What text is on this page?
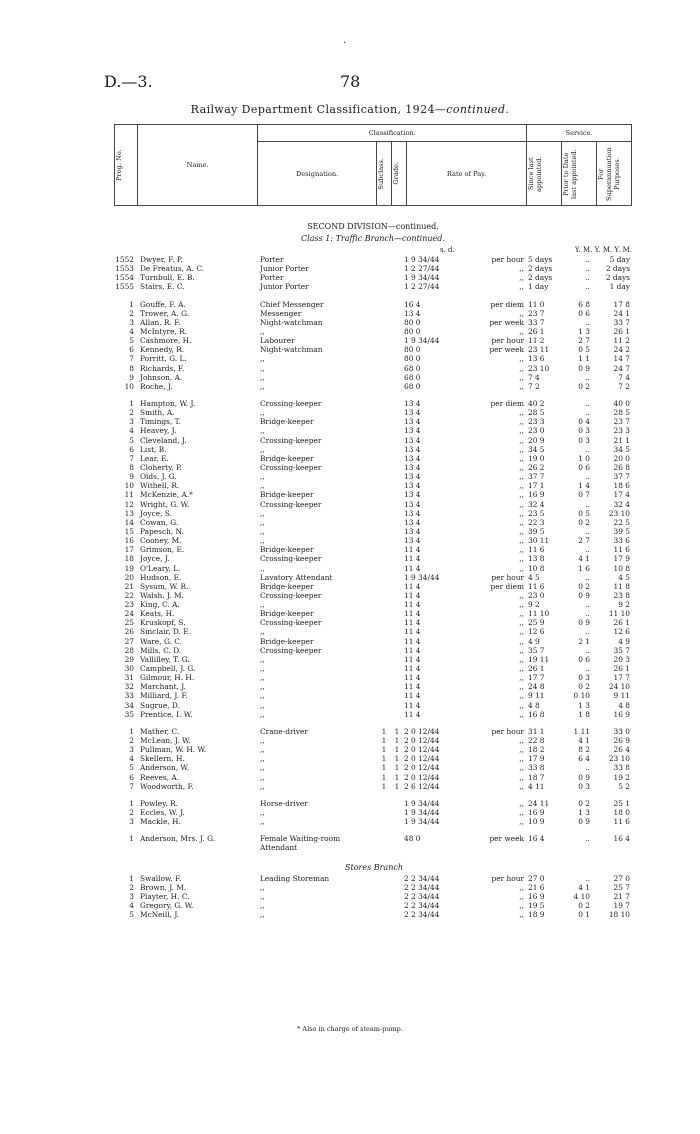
·
D.—3.	78
Railway Department Classification, 1924—continued.
Prog. No.	Name.	Classification.				Service.		
		Designation.	Subclass.	Grade.	Rate of Pay.	Since last appointed.	Prior to Date last appointed.	For Superannuation Purposes.
SECOND DIVISION—continued.
Class 1: Traffic Branch—continued.
s. d.	Y. M. Y. M. Y. M.
1552 Dwyer, F. P.	Porter	1 9 34/44	per hour 5 days	..	5 day
1553 De Freatus, A. C.	Junior Porter	1 2 27/44	,, 2 days	..	2 days
1554 Turnbull, E. B.	Porter	1 9 34/44	,, 2 days	..	2 days
1555 Stairs, E. C.	Junior Porter	1 2 27/44	,, 1 day	..	1 day
1 Gouffe, F. A.	Chief Messenger	16 4	per diem 11 0	6 8	17 8
2 Trower, A. G.	Messenger	13 4	,, 23 7	0 6	24 1
3 Allan, R. F.	Night-watchman	80 0	per week 33 7	..	33 7
4 McIntyre, R.	,,	80 0	,, 26 1	1 3	26 1
5 Cashmore, H.	Labourer	1 9 34/44	per hour 11 2	2 7	11 2
6 Kennedy, R.	Night-watchman	80 0	per week 23 11	0 5	24 2
7 Porritt, G. L.	,,	80 0	,, 13 6	1 1	14 7
8 Richards, F.	,,	68 0	,, 23 10	0 9	24 7
9 Johnson, A.	,,	68 0	,, 7 4	..	7 4
10 Roche, J.	,,	68 0	,, 7 2	0 2	7 2
1 Hampton, W. J.	Crossing-keeper	13 4	per diem 40 2	..	40 0
2 Smith, A.	,,	13 4	,, 28 5	..	28 5
3 Timings, T.	Bridge-keeper	13 4	,, 23 3	0 4	23 7
4 Heavey, J.	,,	13 4	,, 23 0	0 3	23 3
5 Cleveland, J.	Crossing-keeper	13 4	,, 20 9	0 3	21 1
6 List, B.	,,	13 4	,, 34 5	..	34 5
7 Lear, E.	Bridge-keeper	13 4	,, 19 0	1 0	20 0
8 Cloherty, P.	Crossing-keeper	13 4	,, 26 2	0 6	26 8
9 Olds, J. G.	,,	13 4	,, 37 7	..	37 7
10 Withell, R.	,,	13 4	,, 17 1	1 4	18 6
11 McKenzie, A.*	Bridge-keeper	13 4	,, 16 9	0 7	17 4
12 Wright, G. W.	Crossing-keeper	13 4	,, 32 4	..	32 4
13 Joyce, S.	,,	13 4	,, 23 5	0 5	23 10
14 Cowan, G.	,,	13 4	,, 22 3	0 2	22 5
15 Papesch, N.	,,	13 4	,, 39 5	..	39 5
16 Cooney, M.	,,	13 4	,, 30 11	2 7	33 6
17 Grimson, E.	Bridge-keeper	11 4	,, 11 6	..	11 6
18 Joyce, J.	Crossing-keeper	11 4	,, 13 8	4 1	17 9
19 O'Leary, L.	,,	11 4	,, 10 8	1 6	10 8
20 Hudson, E.	Lavatory Attendant	1 9 34/44	per hour 4 5	..	4 5
21 Sysum, W. R.	Bridge-keeper	11 4	per diem 11 6	0 2	11 8
22 Walsh, J. M.	Crossing-keeper	11 4	,, 23 0	0 9	23 8
23 King, C. A.	,,	11 4	,, 9 2	..	9 2
24 Keats, H.	Bridge-keeper	11 4	,, 11 10	..	11 10
25 Kruskopf, S.	Crossing-keeper	11 4	,, 25 9	0 9	26 1
26 Sinclair, D. E.	,,	11 4	,, 12 6	..	12 6
27 Ware, G. C.	Bridge-keeper	11 4	,, 4 9	2 1	4 9
28 Mills, C. D.	Crossing-keeper	11 4	,, 35 7	..	35 7
29 Vallilley, T. G.	,,	11 4	,, 19 11	0 6	20 3
30 Campbell, J. G.	,,	11 4	,, 26 1	..	26 1
31 Gilmour, H. H.	,,	11 4	,, 17 7	0 3	17 7
32 Marchant, J.	,,	11 4	,, 24 8	0 2	24 10
33 Milliard, J. F.	,,	11 4	,, 9 11	0 10	9 11
34 Sugrue, D.	,,	11 4	,, 4 8	1 3	4 8
35 Prentice, I. W.	,,	11 4	,, 16 8	1 8	16 9
1 Mather, C.	Crane-driver	1	1 2 0 12/44	per hour 31 1	1 11	33 0
2 McLean, J. W.	,,	1	1 2 0 12/44	,, 22 8	4 1	26 9
3 Pullman, W. H. W.	,,	1	1 2 0 12/44	,, 18 2	8 2	26 4
4 Skellern, H.	,,	1	1 2 0 12/44	,, 17 9	6 4	23 10
5 Anderson, W.	,,	1	1 2 0 12/44	,, 33 8	..	33 8
6 Reeves, A.	,,	1	1 2 0 12/44	,, 18 7	0 9	19 2
7 Woodworth, F.	,,	1	1 2 6 12/44	,, 4 11	0 3	5 2
1 Powley, R.	Horse-driver	1 9 34/44	,, 24 11	0 2	25 1
2 Eccles, W. J.	,,	1 9 34/44	,, 16 9	1 3	18 0
3 Mackle, H.	,,	1 9 34/44	,, 10 9	0 9	11 6
1 Anderson, Mrs. J. G.	Female Waiting-room	48 0	per week 16 4	..	16 4
Attendant
Stores Branch
1 Swallow, F.	Leading Storeman	2 2 34/44	per hour 27 0	..	27 0
2 Brown, J. M.	,,	2 2 34/44	,, 21 6	4 1	25 7
3 Playter, H. C.	,,	2 2 34/44	,, 16 9	4 10	21 7
4 Gregory, G. W.	,,	2 2 34/44	,, 19 5	0 2	19 7
5 McNeill, J.	,,	2 2 34/44	,, 18 9	0 1	18 10
* Also in charge of steam-pump.
